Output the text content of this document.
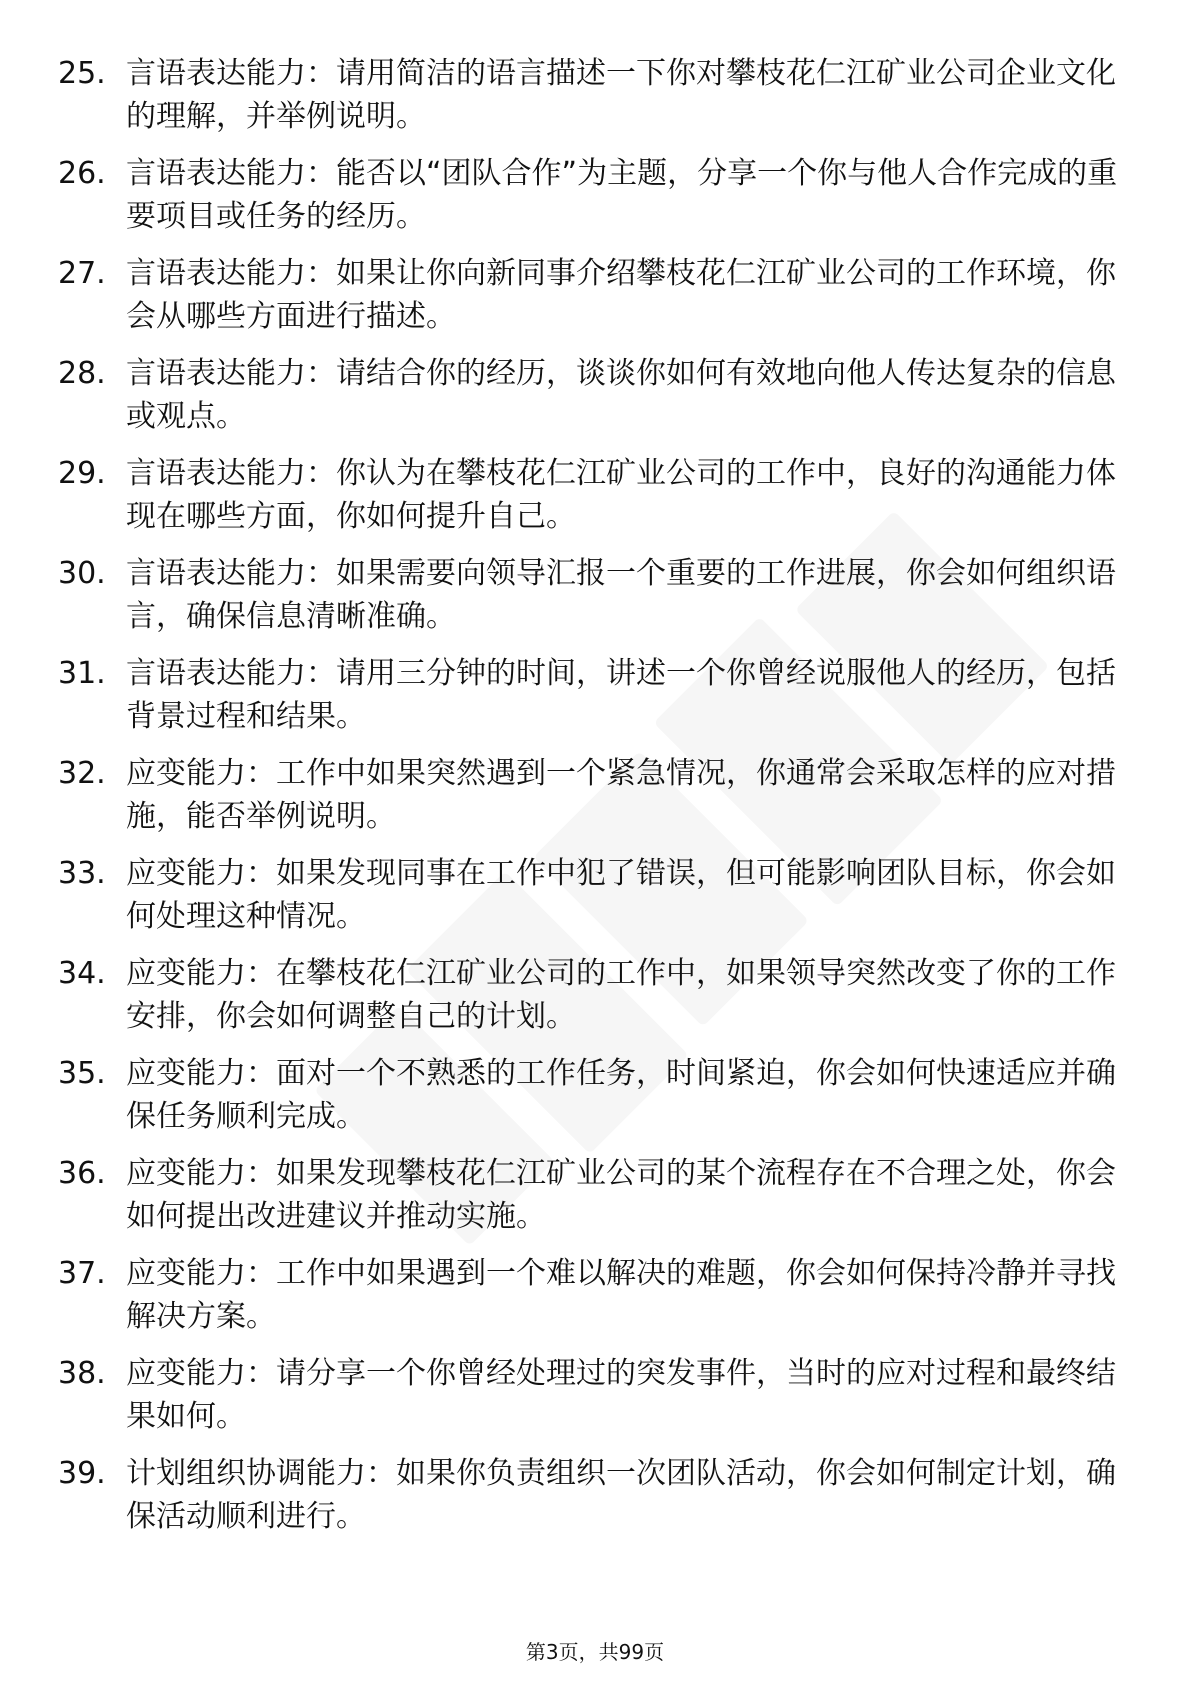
25. 言语表达能力：请用简洁的语言描述一下你对攀枝花仁江矿业公司企业文化的理解，并举例说明。
26. 言语表达能力：能否以“团队合作”为主题，分享一个你与他人合作完成的重要项目或任务的经历。
27. 言语表达能力：如果让你向新同事介绍攀枝花仁江矿业公司的工作环境，你会从哪些方面进行描述。
28. 言语表达能力：请结合你的经历，谈谈你如何有效地向他人传达复杂的信息或观点。
29. 言语表达能力：你认为在攀枝花仁江矿业公司的工作中，良好的沟通能力体现在哪些方面，你如何提升自己。
30. 言语表达能力：如果需要向领导汇报一个重要的工作进展，你会如何组织语言，确保信息清晰准确。
31. 言语表达能力：请用三分钟的时间，讲述一个你曾经说服他人的经历，包括背景过程和结果。
32. 应变能力：工作中如果突然遇到一个紧急情况，你通常会采取怎样的应对措施，能否举例说明。
33. 应变能力：如果发现同事在工作中犯了错误，但可能影响团队目标，你会如何处理这种情况。
34. 应变能力：在攀枝花仁江矿业公司的工作中，如果领导突然改变了你的工作安排，你会如何调整自己的计划。
35. 应变能力：面对一个不熟悉的工作任务，时间紧迫，你会如何快速适应并确保任务顺利完成。
36. 应变能力：如果发现攀枝花仁江矿业公司的某个流程存在不合理之处，你会如何提出改进建议并推动实施。
37. 应变能力：工作中如果遇到一个难以解决的难题，你会如何保持冷静并寻找解决方案。
38. 应变能力：请分享一个你曾经处理过的突发事件，当时的应对过程和最终结果如何。
39. 计划组织协调能力：如果你负责组织一次团队活动，你会如何制定计划，确保活动顺利进行。
第3页，共99页
